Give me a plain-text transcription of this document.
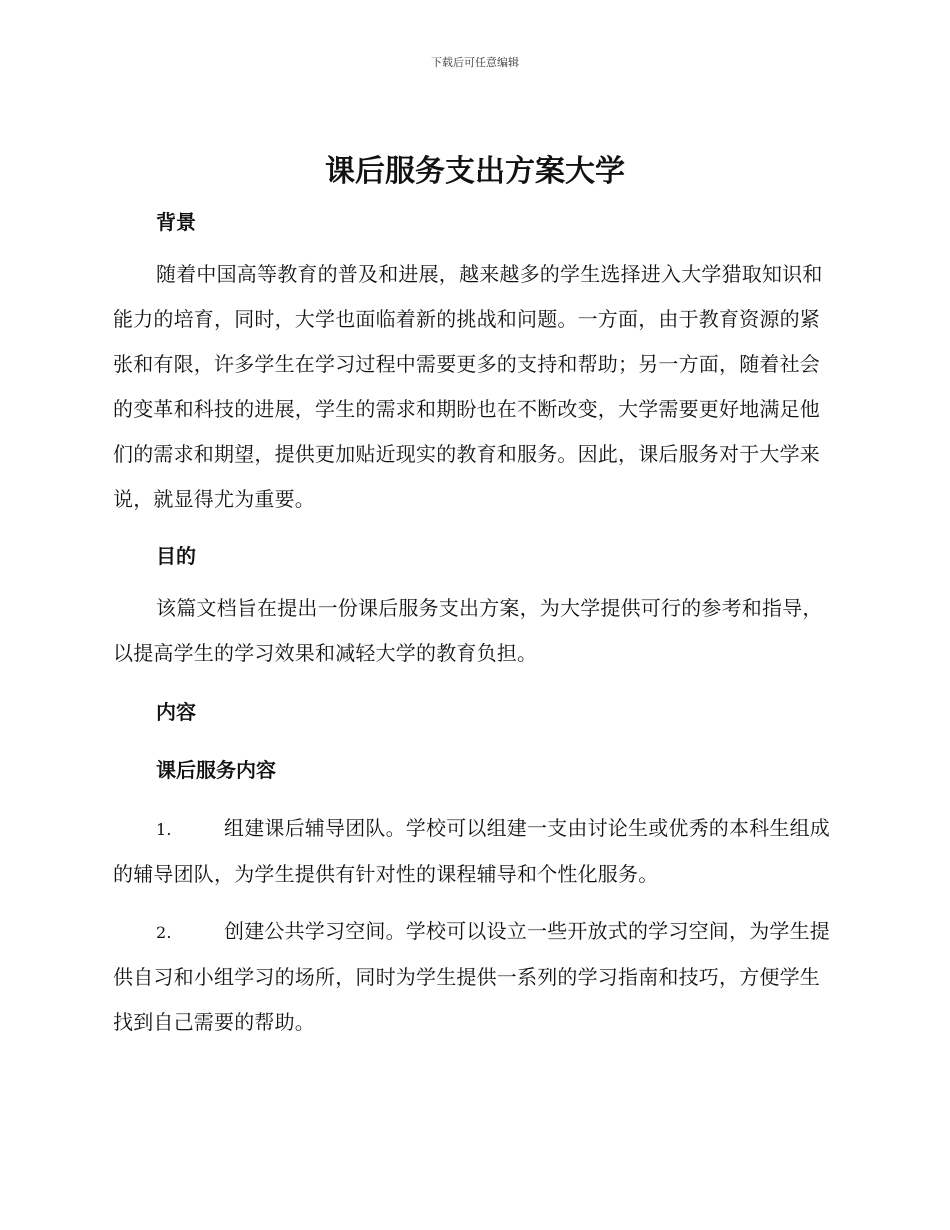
下载后可任意编辑
课后服务支出方案大学
背景

随着中国高等教育的普及和进展，越来越多的学生选择进入大学猎取知识和能力的培育，同时，大学也面临着新的挑战和问题。一方面，由于教育资源的紧张和有限，许多学生在学习过程中需要更多的支持和帮助；另一方面，随着社会的变革和科技的进展，学生的需求和期盼也在不断改变，大学需要更好地满足他们的需求和期望，提供更加贴近现实的教育和服务。因此，课后服务对于大学来说，就显得尤为重要。

目的

该篇文档旨在提出一份课后服务支出方案，为大学提供可行的参考和指导，以提高学生的学习效果和减轻大学的教育负担。

内容
课后服务内容

1.	组建课后辅导团队。学校可以组建一支由讨论生或优秀的本科生组成的辅导团队，为学生提供有针对性的课程辅导和个性化服务。

2.	创建公共学习空间。学校可以设立一些开放式的学习空间，为学生提供自习和小组学习的场所，同时为学生提供一系列的学习指南和技巧，方便学生找到自己需要的帮助。
